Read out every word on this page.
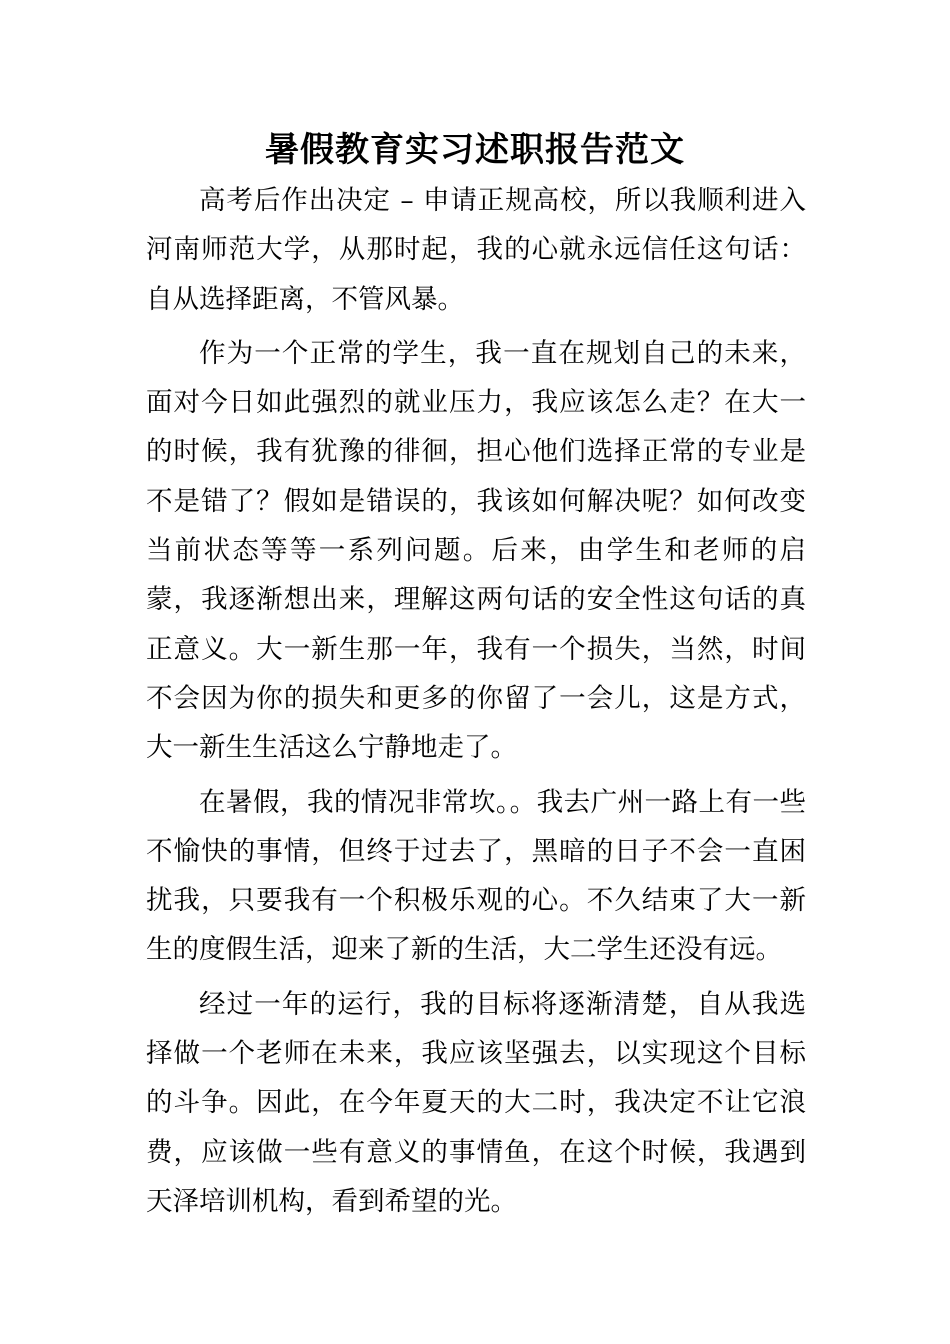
暑假教育实习述职报告范文

高考后作出决定 – 申请正规高校，所以我顺利进入河南师范大学，从那时起，我的心就永远信任这句话：自从选择距离，不管风暴。

作为一个正常的学生，我一直在规划自己的未来，面对今日如此强烈的就业压力，我应该怎么走？在大一的时候，我有犹豫的徘徊，担心他们选择正常的专业是不是错了？假如是错误的，我该如何解决呢？如何改变当前状态等等一系列问题。后来，由学生和老师的启蒙，我逐渐想出来，理解这两句话的安全性这句话的真正意义。大一新生那一年，我有一个损失，当然，时间不会因为你的损失和更多的你留了一会儿，这是方式，大一新生生活这么宁静地走了。

在暑假，我的情况非常坎。。我去广州一路上有一些不愉快的事情，但终于过去了，黑暗的日子不会一直困扰我，只要我有一个积极乐观的心。不久结束了大一新生的度假生活，迎来了新的生活，大二学生还没有远。

经过一年的运行，我的目标将逐渐清楚，自从我选择做一个老师在未来，我应该坚强去，以实现这个目标的斗争。因此，在今年夏天的大二时，我决定不让它浪费，应该做一些有意义的事情鱼，在这个时候，我遇到天泽培训机构，看到希望的光。
